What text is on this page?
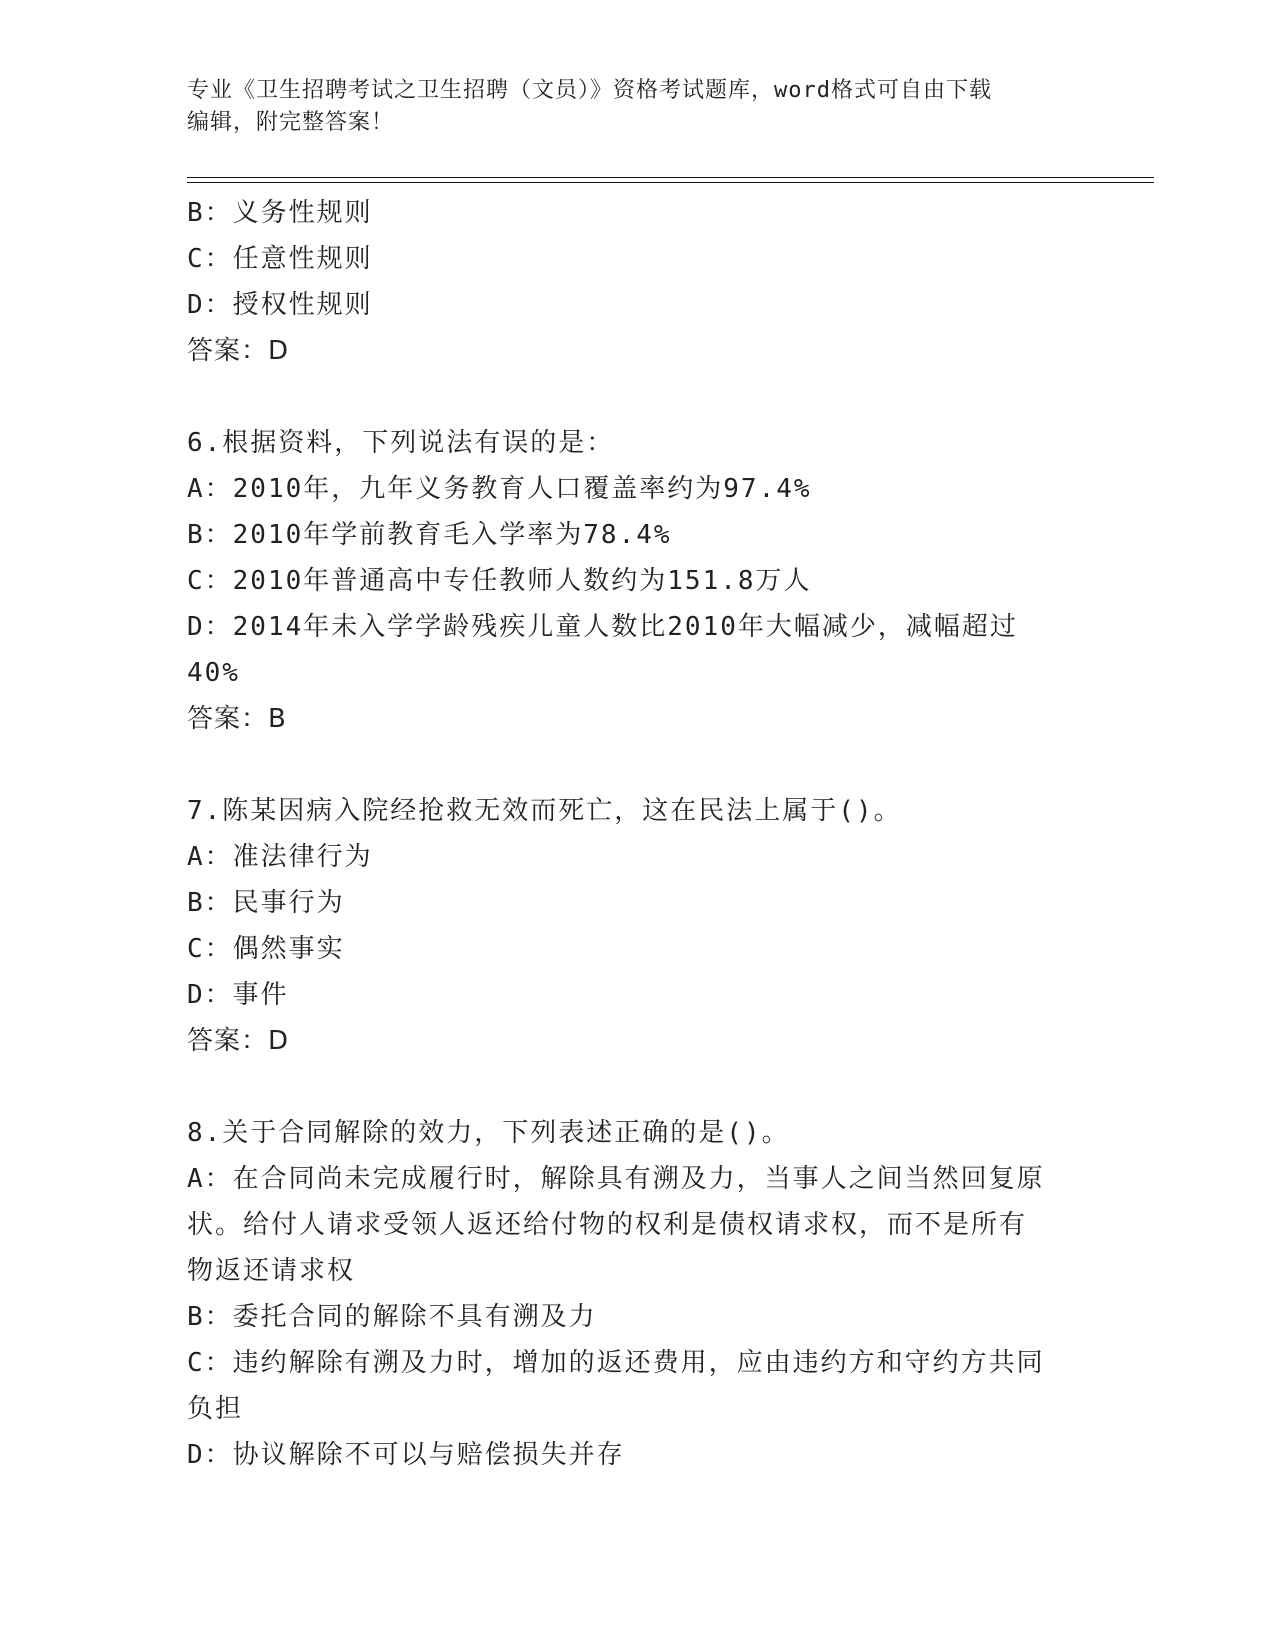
专业《卫生招聘考试之卫生招聘（文员）》资格考试题库，word格式可自由下载
编辑，附完整答案！
B：义务性规则
C：任意性规则
D：授权性规则
答案：D
6.根据资料，下列说法有误的是：
A：2010年，九年义务教育人口覆盖率约为97.4%
B：2010年学前教育毛入学率为78.4%
C：2010年普通高中专任教师人数约为151.8万人
D：2014年未入学学龄残疾儿童人数比2010年大幅减少，减幅超过
40%
答案：B
7.陈某因病入院经抢救无效而死亡，这在民法上属于()。
A：准法律行为
B：民事行为
C：偶然事实
D：事件
答案：D
8.关于合同解除的效力，下列表述正确的是()。
A：在合同尚未完成履行时，解除具有溯及力，当事人之间当然回复原
状。给付人请求受领人返还给付物的权利是债权请求权，而不是所有
物返还请求权
B：委托合同的解除不具有溯及力
C：违约解除有溯及力时，增加的返还费用，应由违约方和守约方共同
负担
D：协议解除不可以与赔偿损失并存
